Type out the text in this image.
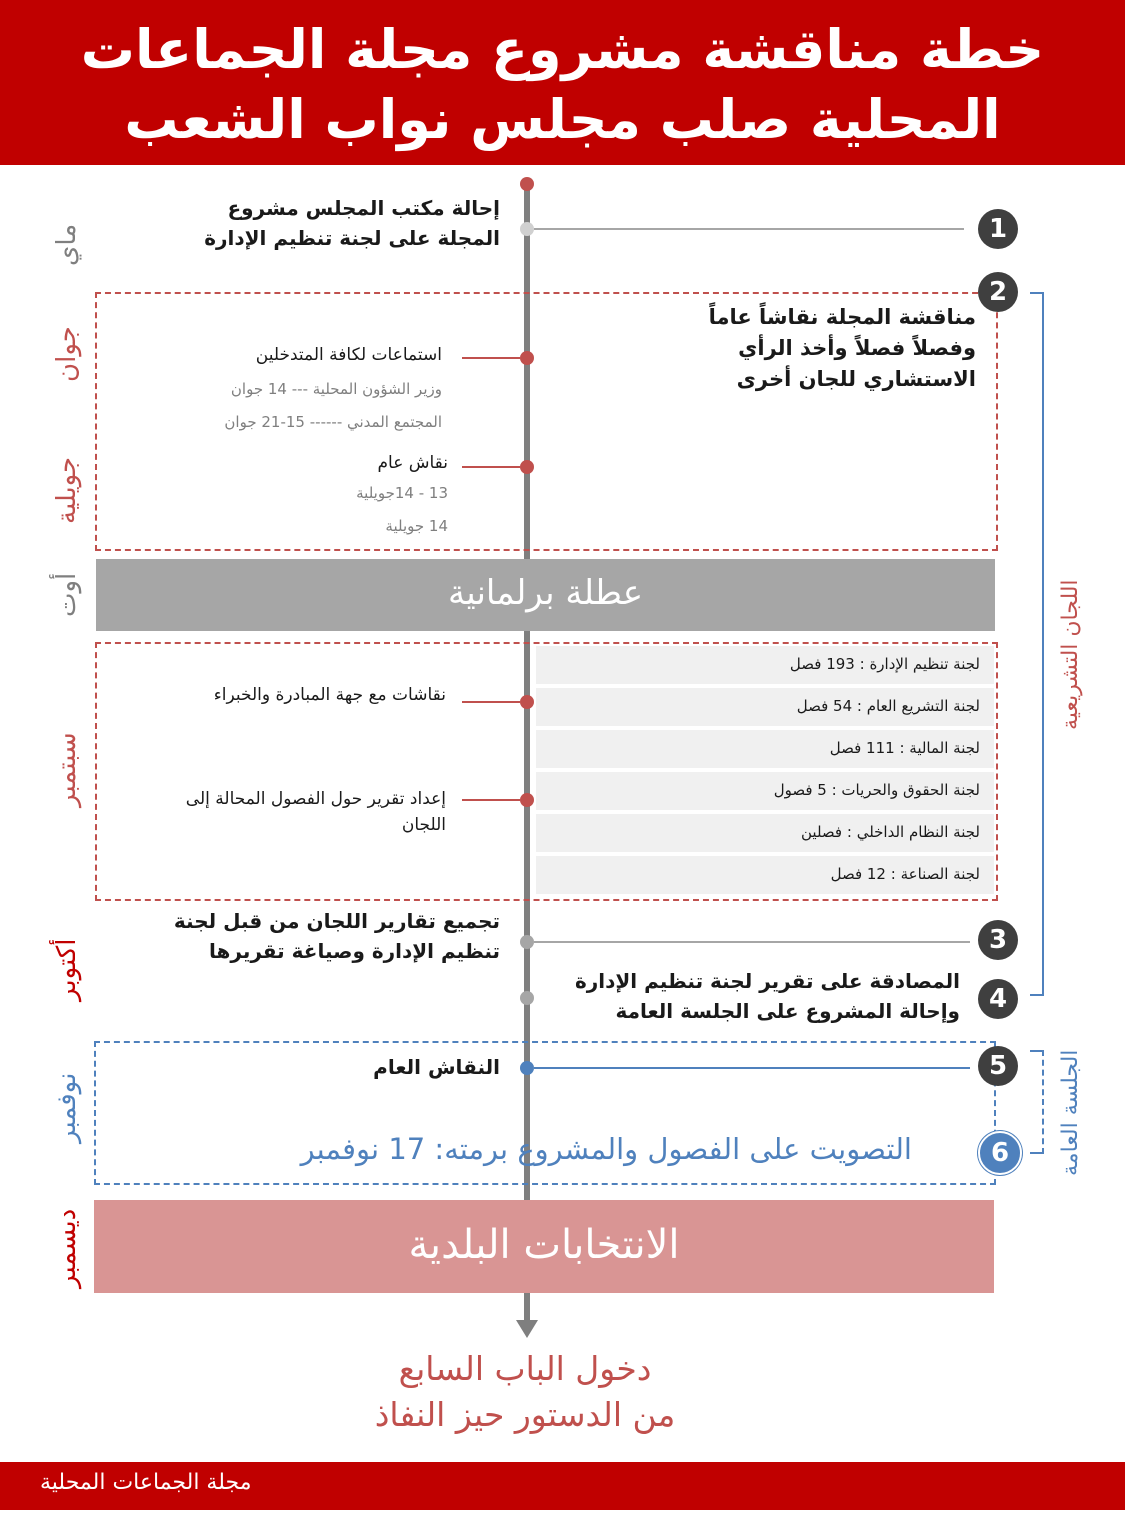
خطة مناقشة مشروع مجلة الجماعات
المحلية صلب مجلس نواب الشعب
ماي
جوان
جويلية
أوت
سبتمبر
أكتوبر
نوفمبر
ديسمبر
1
إحالة مكتب المجلس مشروع
المجلة على لجنة تنظيم الإدارة
2
مناقشة المجلة نقاشاً عاماً
وفصلاً فصلاً وأخذ الرأي
الاستشاري للجان أخرى
استماعات لكافة المتدخلين
وزير الشؤون المحلية --- 14 جوان
المجتمع المدني ------ 15-21 جوان
نقاش عام
13 - 14جويلية
14 جويلية
عطلة برلمانية
لجنة تنظيم الإدارة : 193 فصل
لجنة التشريع العام : 54 فصل
لجنة المالية : 111 فصل
لجنة الحقوق والحريات : 5 فصول
لجنة النظام الداخلي : فصلين
لجنة الصناعة : 12 فصل
نقاشات مع جهة المبادرة والخبراء
إعداد تقرير حول الفصول المحالة إلى
اللجان
3
تجميع تقارير اللجان من قبل لجنة
تنظيم الإدارة وصياغة تقريرها
4
المصادقة على تقرير لجنة تنظيم الإدارة
وإحالة المشروع على الجلسة العامة
اللجان التشريعية
5
النقاش العام
6
التصويت على الفصول والمشروع برمته: 17 نوفمبر	الجلسة العامة
الانتخابات البلدية
دخول الباب السابع
من الدستور حيز النفاذ
مجلة الجماعات المحلية
